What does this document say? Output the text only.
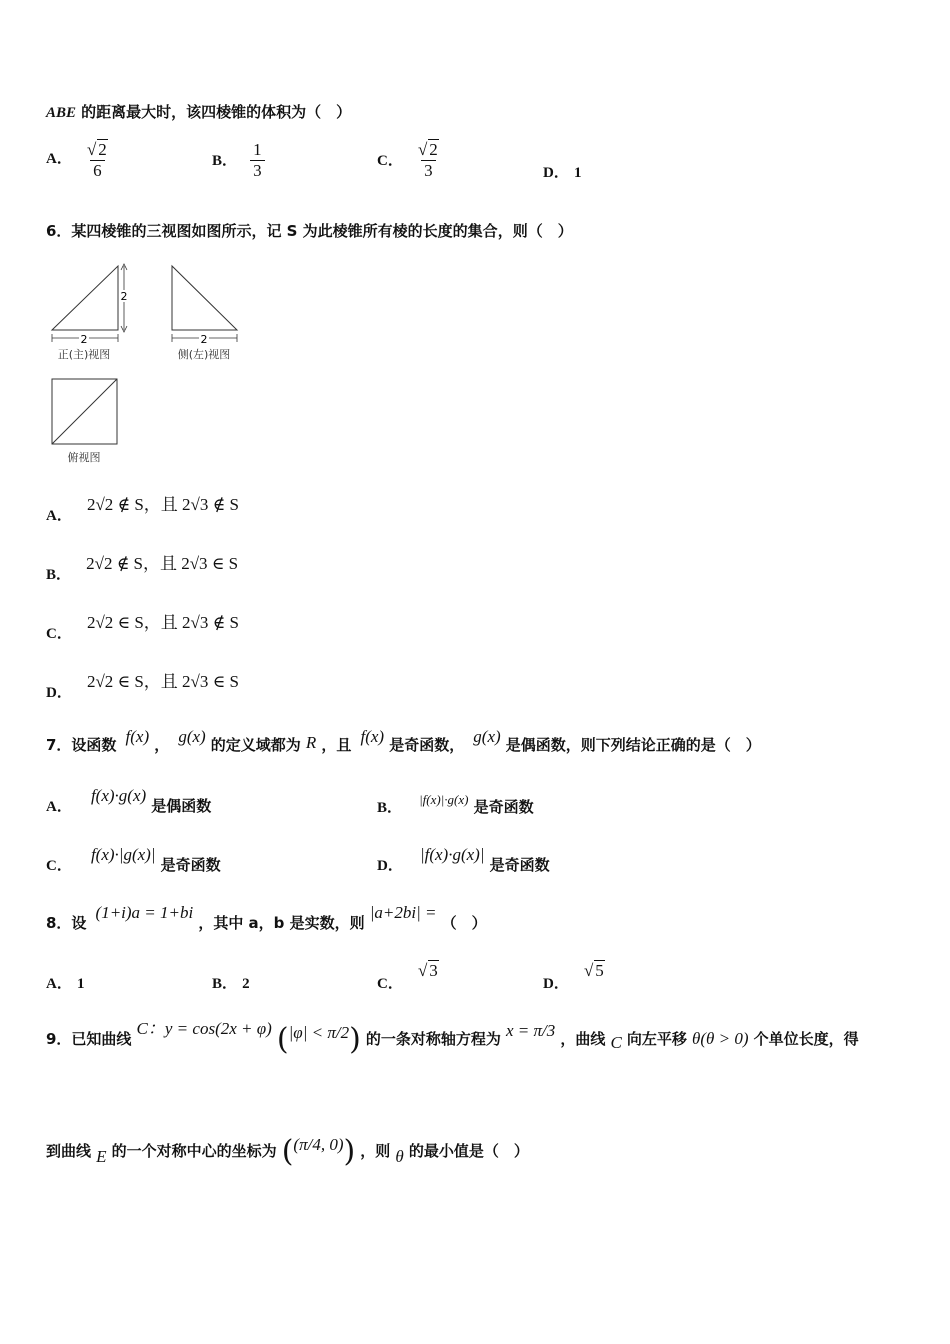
ABE 的距离最大时，该四棱锥的体积为（　）
A． $\frac{√ 2}{6}$	B． $\frac{1}{3}$	C． $\frac{√ 2}{3}$	D． 1
6．某四棱锥的三视图如图所示，记 S 为此棱锥所有棱的长度的集合，则（　）
2
2
正(主)视图
2
侧(左)视图
俯视图
A． 2√2 ∉ S，且 2√3 ∉ S
B． 2√2 ∉ S，且 2√3 ∈ S
C． 2√2 ∈ S，且 2√3 ∉ S
D． 2√2 ∈ S，且 2√3 ∈ S
7．设函数 f(x) ， g(x) 的定义域都为 R ，且 f(x) 是奇函数， g(x) 是偶函数，则下列结论正确的是（　）
A． f(x)·g(x) 是偶函数	B． |f(x)|·g(x) 是奇函数
C． f(x)·|g(x)| 是奇函数	D． |f(x)·g(x)| 是奇函数
8．设 (1+i)a = 1+bi ，其中 a，b 是实数，则 |a+2bi| = （　）
A． 1	B． 2	C． √ 3
D． √ 5
9．已知曲线 C：y = cos(2x + φ) (|φ| < π/2) 的一条对称轴方程为 x = π/3 ，曲线 C 向左平移 θ(θ > 0) 个单位长度，得
到曲线 E 的一个对称中心的坐标为 ((π/4, 0)) ，则 θ 的最小值是（　）
